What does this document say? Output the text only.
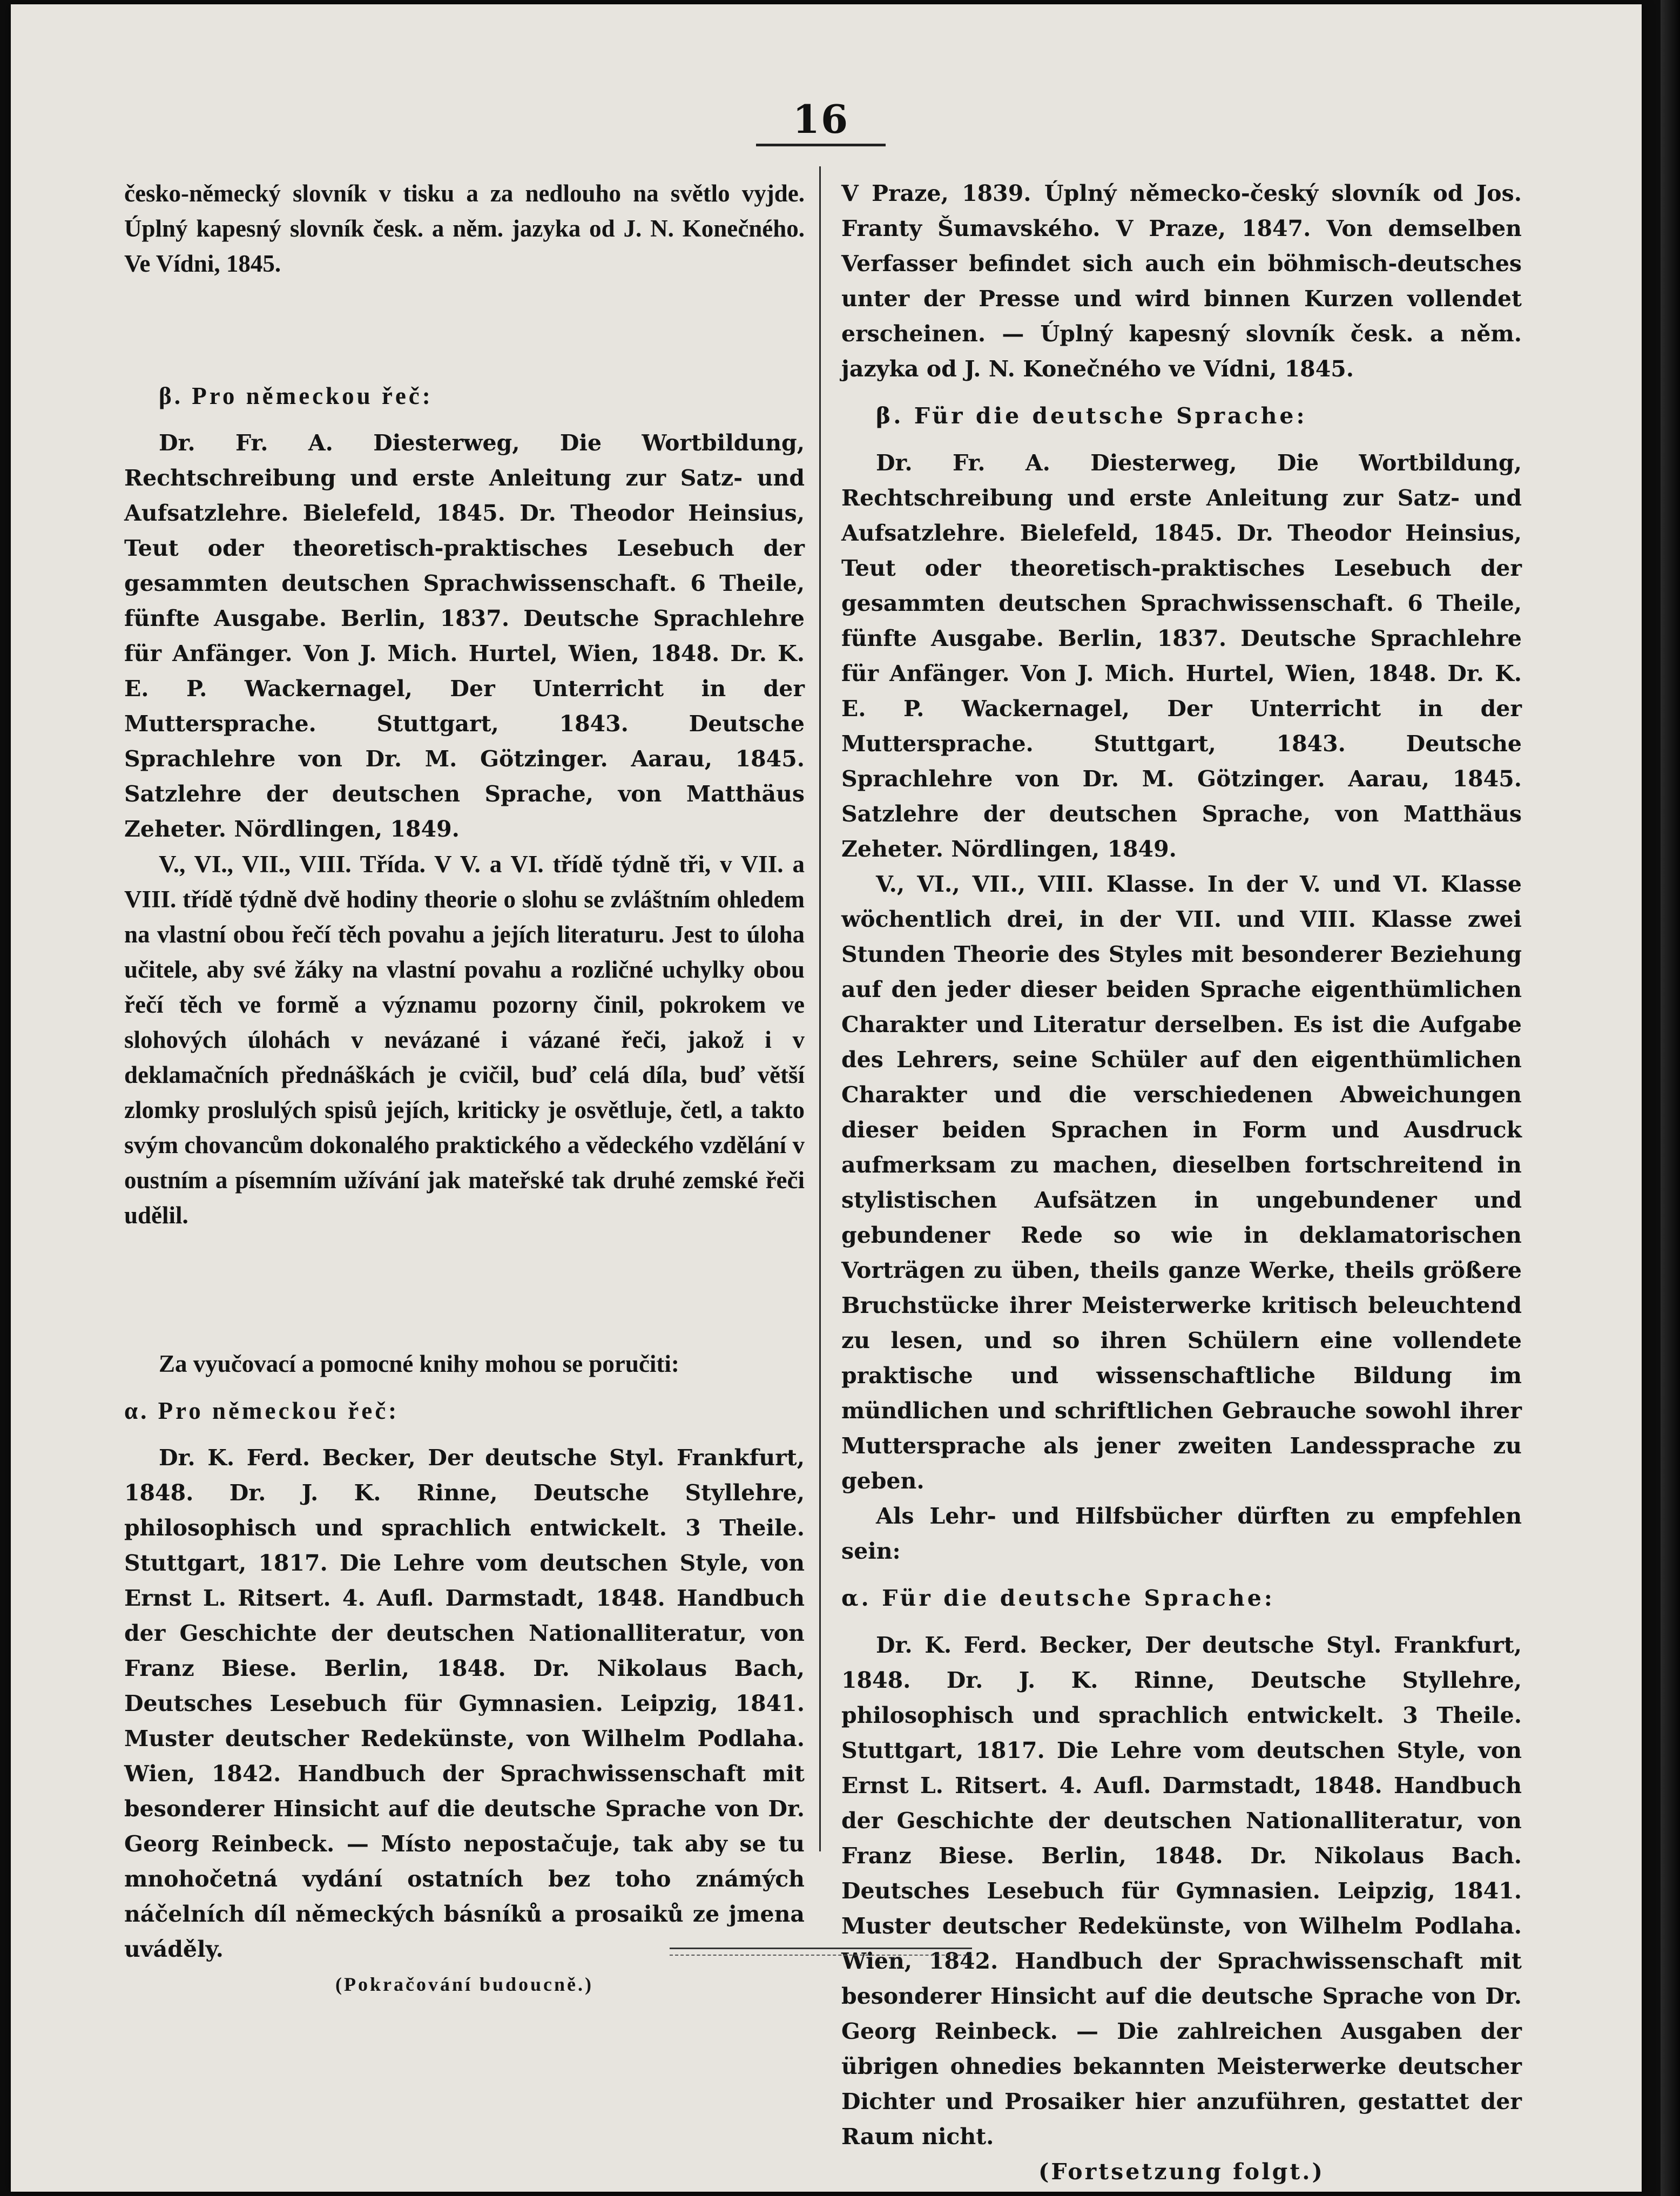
16

česko-německý slovník v tisku a za nedlouho na světlo vyjde. Úplný kapesný slovník česk. a něm. jazyka od J. N. Konečného. Ve Vídni, 1845.

β. Pro německou řeč:

Dr. Fr. A. Diesterweg, Die Wortbildung, Rechtschreibung und erste Anleitung zur Satz- und Aufsatzlehre. Bielefeld, 1845. Dr. Theodor Heinsius, Teut oder theoretisch-praktisches Lesebuch der gesammten deutschen Sprachwissenschaft. 6 Theile, fünfte Ausgabe. Berlin, 1837. Deutsche Sprachlehre für Anfänger. Von J. Mich. Hurtel, Wien, 1848. Dr. K. E. P. Wackernagel, Der Unterricht in der Muttersprache. Stuttgart, 1843. Deutsche Sprachlehre von Dr. M. Götzinger. Aarau, 1845. Satzlehre der deutschen Sprache, von Matthäus Zeheter. Nördlingen, 1849.

V., VI., VII., VIII. Třída. V V. a VI. třídě týdně tři, v VII. a VIII. třídě týdně dvě hodiny theorie o slohu se zvláštním ohledem na vlastní obou řečí těch povahu a jejích literaturu. Jest to úloha učitele, aby své žáky na vlastní povahu a rozličné uchylky obou řečí těch ve formě a významu pozorny činil, pokrokem ve slohových úlohách v nevázané i vázané řeči, jakož i v deklamačních přednáškách je cvičil, buď celá díla, buď větší zlomky proslulých spisů jejích, kriticky je osvětluje, četl, a takto svým chovancům dokonalého praktického a vědeckého vzdělání v oustním a písemním užívání jak mateřské tak druhé zemské řeči udělil.

Za vyučovací a pomocné knihy mohou se poručiti:

α. Pro německou řeč:

Dr. K. Ferd. Becker, Der deutsche Styl. Frankfurt, 1848. Dr. J. K. Rinne, Deutsche Styllehre, philosophisch und sprachlich entwickelt. 3 Theile. Stuttgart, 1817. Die Lehre vom deutschen Style, von Ernst L. Ritsert. 4. Aufl. Darmstadt, 1848. Handbuch der Geschichte der deutschen Nationalliteratur, von Franz Biese. Berlin, 1848. Dr. Nikolaus Bach, Deutsches Lesebuch für Gymnasien. Leipzig, 1841. Muster deutscher Redekünste, von Wilhelm Podlaha. Wien, 1842. Handbuch der Sprachwissenschaft mit besonderer Hinsicht auf die deutsche Sprache von Dr. Georg Reinbeck. — Místo nepostačuje, tak aby se tu mnohočetná vydání ostatních bez toho známých náčelních díl německých básníků a prosaiků ze jmena uváděly.

(Pokračování budoucně.)

V Praze, 1839. Úplný německo-český slovník od Jos. Franty Šumavského. V Praze, 1847. Von demselben Verfasser befindet sich auch ein böhmisch-deutsches unter der Presse und wird binnen Kurzen vollendet erscheinen. — Úplný kapesný slovník česk. a něm. jazyka od J. N. Konečného ve Vídni, 1845.

β. Für die deutsche Sprache:

Dr. Fr. A. Diesterweg, Die Wortbildung, Rechtschreibung und erste Anleitung zur Satz- und Aufsatzlehre. Bielefeld, 1845. Dr. Theodor Heinsius, Teut oder theoretisch-praktisches Lesebuch der gesammten deutschen Sprachwissenschaft. 6 Theile, fünfte Ausgabe. Berlin, 1837. Deutsche Sprachlehre für Anfänger. Von J. Mich. Hurtel, Wien, 1848. Dr. K. E. P. Wackernagel, Der Unterricht in der Muttersprache. Stuttgart, 1843. Deutsche Sprachlehre von Dr. M. Götzinger. Aarau, 1845. Satzlehre der deutschen Sprache, von Matthäus Zeheter. Nördlingen, 1849.

V., VI., VII., VIII. Klasse. In der V. und VI. Klasse wöchentlich drei, in der VII. und VIII. Klasse zwei Stunden Theorie des Styles mit besonderer Beziehung auf den jeder dieser beiden Sprache eigenthümlichen Charakter und Literatur derselben. Es ist die Aufgabe des Lehrers, seine Schüler auf den eigenthümlichen Charakter und die verschiedenen Abweichungen dieser beiden Sprachen in Form und Ausdruck aufmerksam zu machen, dieselben fortschreitend in stylistischen Aufsätzen in ungebundener und gebundener Rede so wie in deklamatorischen Vorträgen zu üben, theils ganze Werke, theils größere Bruchstücke ihrer Meisterwerke kritisch beleuchtend zu lesen, und so ihren Schülern eine vollendete praktische und wissenschaftliche Bildung im mündlichen und schriftlichen Gebrauche sowohl ihrer Muttersprache als jener zweiten Landessprache zu geben.

Als Lehr- und Hilfsbücher dürften zu empfehlen sein:

α. Für die deutsche Sprache:

Dr. K. Ferd. Becker, Der deutsche Styl. Frankfurt, 1848. Dr. J. K. Rinne, Deutsche Styllehre, philosophisch und sprachlich entwickelt. 3 Theile. Stuttgart, 1817. Die Lehre vom deutschen Style, von Ernst L. Ritsert. 4. Aufl. Darmstadt, 1848. Handbuch der Geschichte der deutschen Nationalliteratur, von Franz Biese. Berlin, 1848. Dr. Nikolaus Bach. Deutsches Lesebuch für Gymnasien. Leipzig, 1841. Muster deutscher Redekünste, von Wilhelm Podlaha. Wien, 1842. Handbuch der Sprachwissenschaft mit besonderer Hinsicht auf die deutsche Sprache von Dr. Georg Reinbeck. — Die zahlreichen Ausgaben der übrigen ohnedies bekannten Meisterwerke deutscher Dichter und Prosaiker hier anzuführen, gestattet der Raum nicht.

(Fortsetzung folgt.)
